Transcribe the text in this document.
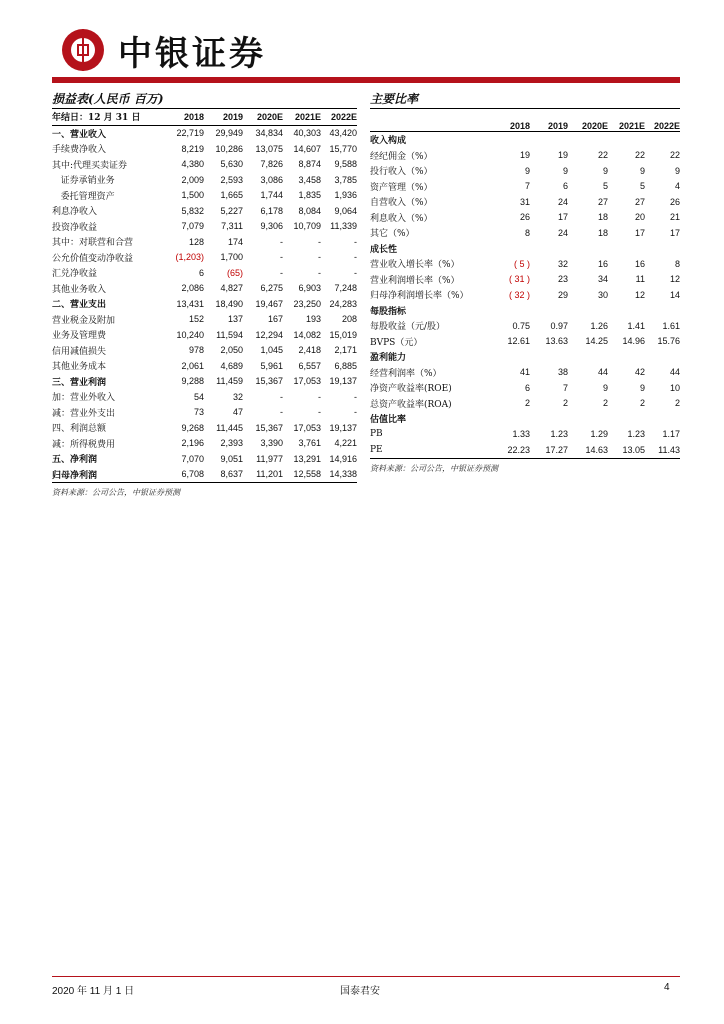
中银证券
损益表(人民币 百万)
年结日：12 月 31 日	2018	2019	2020E	2021E	2022E

一、营业收入	22,719	29,949	34,834	40,303	43,420
手续费净收入	8,219	10,286	13,075	14,607	15,770
其中:代理买卖证券	4,380	5,630	7,826	8,874	9,588
证券承销业务	2,009	2,593	3,086	3,458	3,785
委托管理资产	1,500	1,665	1,744	1,835	1,936
利息净收入	5,832	5,227	6,178	8,084	9,064
投资净收益	7,079	7,311	9,306	10,709	11,339
其中：对联营和合营	128	174	-	-	-
公允价值变动净收益	(1,203)	1,700	-	-	-
汇兑净收益	6	(65)	-	-	-
其他业务收入	2,086	4,827	6,275	6,903	7,248
二、营业支出	13,431	18,490	19,467	23,250	24,283
营业税金及附加	152	137	167	193	208
业务及管理费	10,240	11,594	12,294	14,082	15,019
信用减值损失	978	2,050	1,045	2,418	2,171
其他业务成本	2,061	4,689	5,961	6,557	6,885
三、营业利润	9,288	11,459	15,367	17,053	19,137
加：营业外收入	54	32	-	-	-
减：营业外支出	73	47	-	-	-
四、利润总额	9,268	11,445	15,367	17,053	19,137
减：所得税费用	2,196	2,393	3,390	3,761	4,221
五、净利润	7,070	9,051	11,977	13,291	14,916
归母净利润	6,708	8,637	11,201	12,558	14,338
资料来源：公司公告，中银证券预测
主要比率
	2018	2019	2020E	2021E	2022E

收入构成					
经纪佣金（%）	19	19	22	22	22
投行收入（%）	9	9	9	9	9
资产管理（%）	7	6	5	5	4
自营收入（%）	31	24	27	27	26
利息收入（%）	26	17	18	20	21
其它（%）	8	24	18	17	17
成长性					
营业收入增长率（%）	( 5 )	32	16	16	8
营业利润增长率（%）	( 31 )	23	34	11	12
归母净利润增长率（%）	( 32 )	29	30	12	14
每股指标					
每股收益（元/股）	0.75	0.97	1.26	1.41	1.61
BVPS（元）	12.61	13.63	14.25	14.96	15.76
盈利能力					
经营利润率（%）	41	38	44	42	44
净资产收益率(ROE)	6	7	9	9	10
总资产收益率(ROA)	2	2	2	2	2
估值比率					
PB	1.33	1.23	1.29	1.23	1.17
PE	22.23	17.27	14.63	13.05	11.43
资料来源：公司公告，中银证券预测
2020 年 11 月 1 日	国泰君安	4
